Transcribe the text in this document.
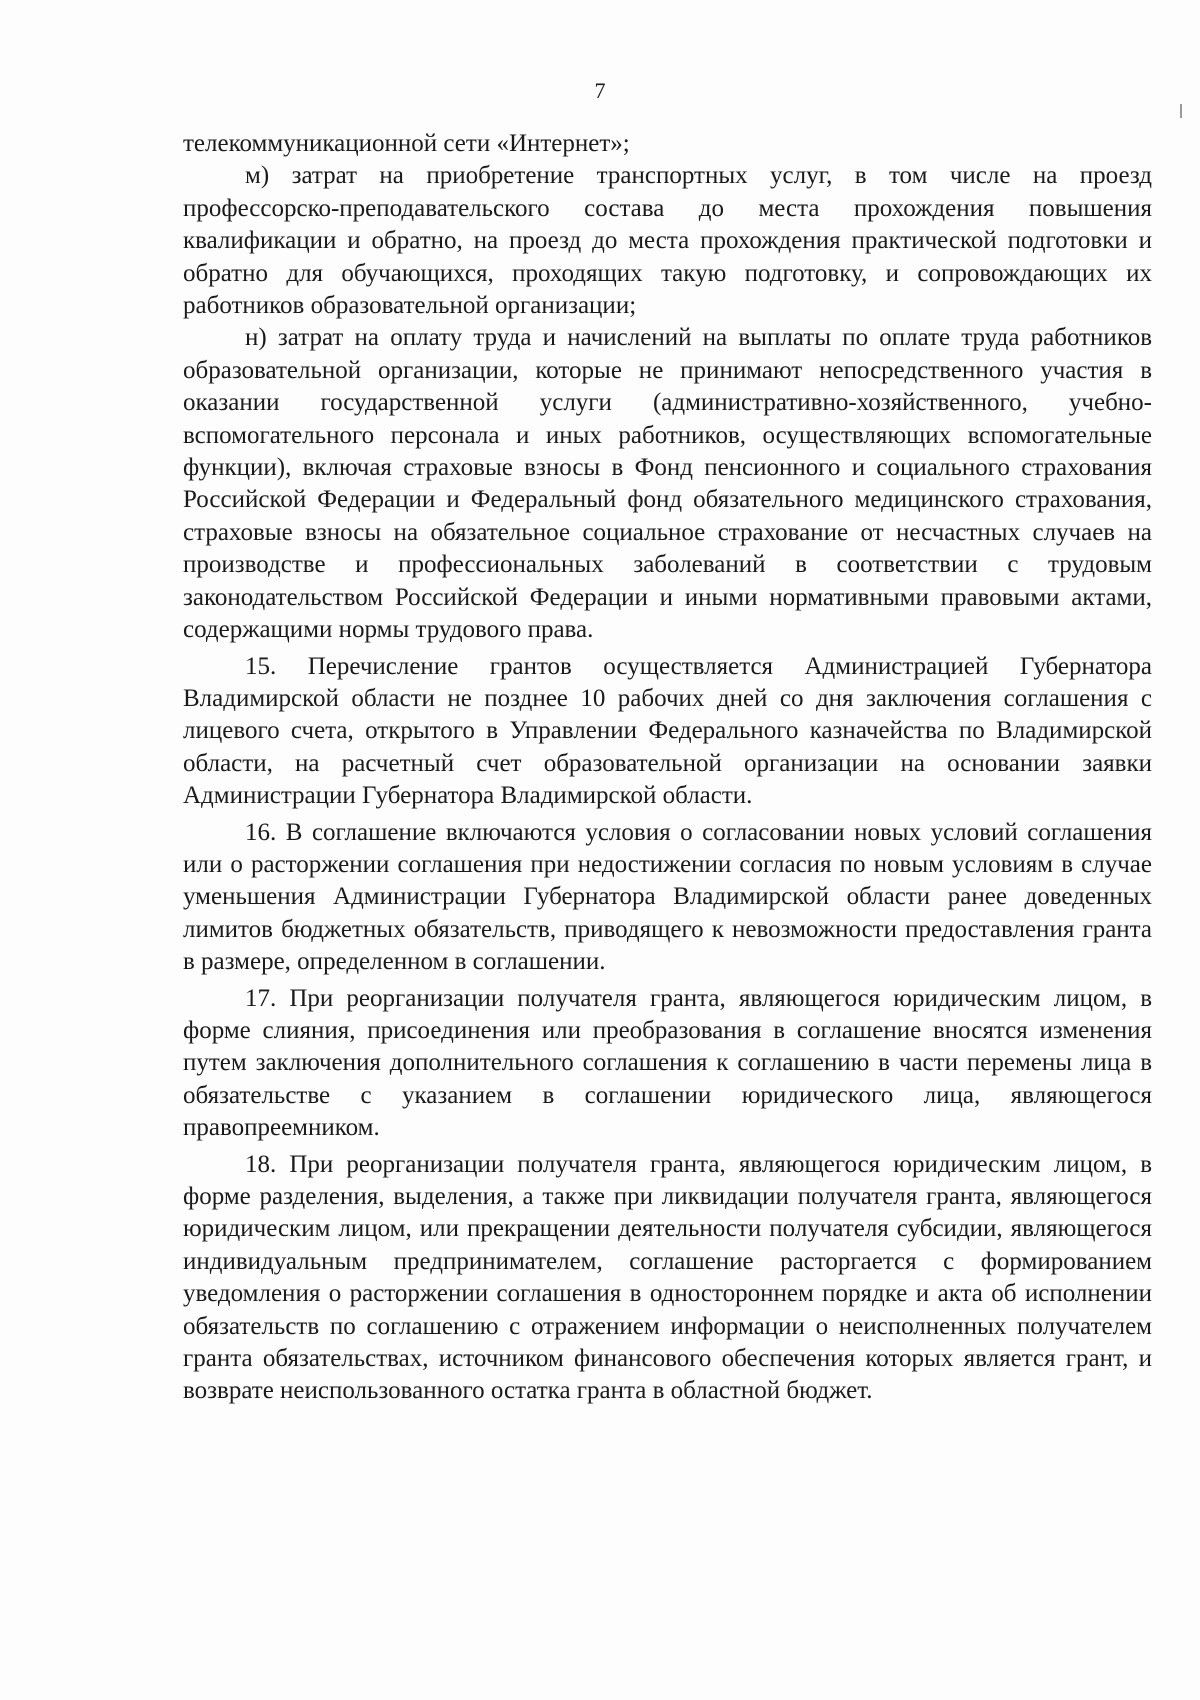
7

телекоммуникационной сети «Интернет»;

м) затрат на приобретение транспортных услуг, в том числе на проезд профессорско-преподавательского состава до места прохождения повышения квалификации и обратно, на проезд до места прохождения практической подготовки и обратно для обучающихся, проходящих такую подготовку, и сопровождающих их работников образовательной организации;

н) затрат на оплату труда и начислений на выплаты по оплате труда работников образовательной организации, которые не принимают непосредственного участия в оказании государственной услуги (административно-хозяйственного, учебно-вспомогательного персонала и иных работников, осуществляющих вспомогательные функции), включая страховые взносы в Фонд пенсионного и социального страхования Российской Федерации и Федеральный фонд обязательного медицинского страхования, страховые взносы на обязательное социальное страхование от несчастных случаев на производстве и профессиональных заболеваний в соответствии с трудовым законодательством Российской Федерации и иными нормативными правовыми актами, содержащими нормы трудового права.

15. Перечисление грантов осуществляется Администрацией Губернатора Владимирской области не позднее 10 рабочих дней со дня заключения соглашения с лицевого счета, открытого в Управлении Федерального казначейства по Владимирской области, на расчетный счет образовательной организации на основании заявки Администрации Губернатора Владимирской области.

16. В соглашение включаются условия о согласовании новых условий соглашения или о расторжении соглашения при недостижении согласия по новым условиям в случае уменьшения Администрации Губернатора Владимирской области ранее доведенных лимитов бюджетных обязательств, приводящего к невозможности предоставления гранта в размере, определенном в соглашении.

17. При реорганизации получателя гранта, являющегося юридическим лицом, в форме слияния, присоединения или преобразования в соглашение вносятся изменения путем заключения дополнительного соглашения к соглашению в части перемены лица в обязательстве с указанием в соглашении юридического лица, являющегося правопреемником.

18. При реорганизации получателя гранта, являющегося юридическим лицом, в форме разделения, выделения, а также при ликвидации получателя гранта, являющегося юридическим лицом, или прекращении деятельности получателя субсидии, являющегося индивидуальным предпринимателем, соглашение расторгается с формированием уведомления о расторжении соглашения в одностороннем порядке и акта об исполнении обязательств по соглашению с отражением информации о неисполненных получателем гранта обязательствах, источником финансового обеспечения которых является грант, и возврате неиспользованного остатка гранта в областной бюджет.
